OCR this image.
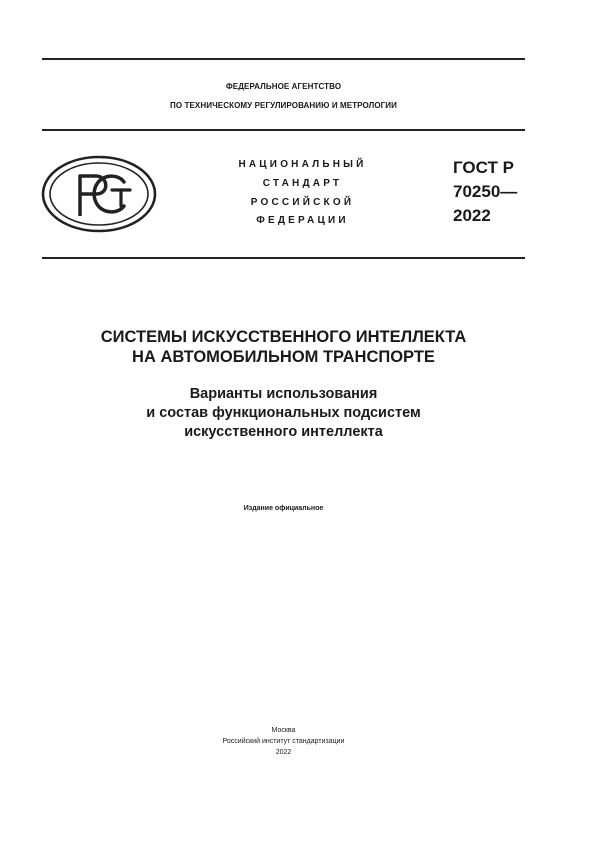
ФЕДЕРАЛЬНОЕ АГЕНТСТВО
ПО ТЕХНИЧЕСКОМУ РЕГУЛИРОВАНИЮ И МЕТРОЛОГИИ
НАЦИОНАЛЬНЫЙ
СТАНДАРТ
РОССИЙСКОЙ
ФЕДЕРАЦИИ
ГОСТ Р
70250—
2022
СИСТЕМЫ ИСКУССТВЕННОГО ИНТЕЛЛЕКТА
НА АВТОМОБИЛЬНОМ ТРАНСПОРТЕ
Варианты использования
и состав функциональных подсистем
искусственного интеллекта
Издание официальное
Москва
Российский институт стандартизации
2022
